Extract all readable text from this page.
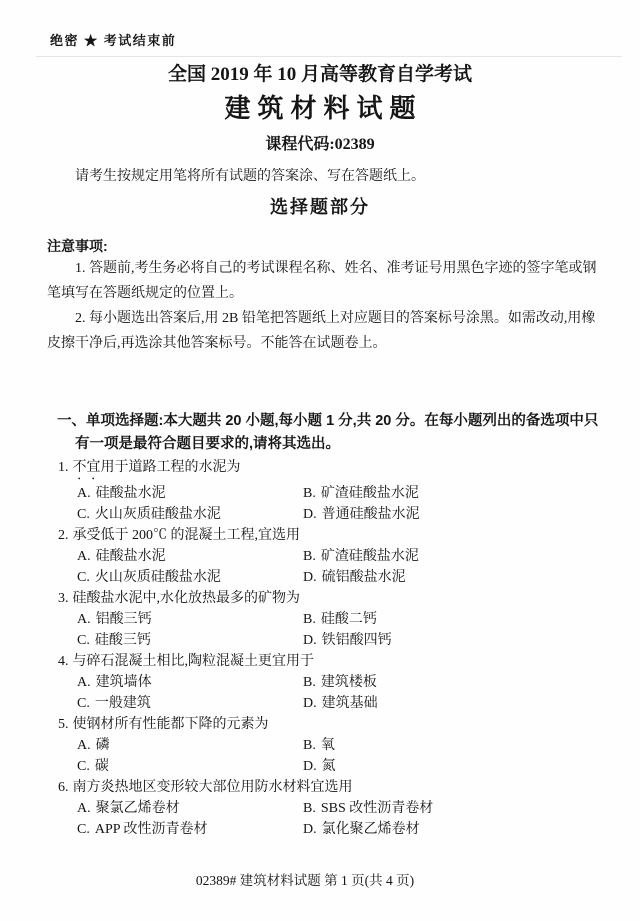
绝密 ★ 考试结束前
全国 2019 年 10 月高等教育自学考试
建筑材料试题
课程代码:02389

请考生按规定用笔将所有试题的答案涂、写在答题纸上。

选择题部分
注意事项:

1. 答题前,考生务必将自己的考试课程名称、姓名、准考证号用黑色字迹的签字笔或钢笔填写在答题纸规定的位置上。

2. 每小题选出答案后,用 2B 铅笔把答题纸上对应题目的答案标号涂黑。如需改动,用橡皮擦干净后,再选涂其他答案标号。不能答在试题卷上。

一、单项选择题:本大题共 20 小题,每小题 1 分,共 20 分。在每小题列出的备选项中只有一项是最符合题目要求的,请将其选出。
1. 不宜用于道路工程的水泥为
A. 硅酸盐水泥	B. 矿渣硅酸盐水泥
C. 火山灰质硅酸盐水泥	D. 普通硅酸盐水泥
2. 承受低于 200℃ 的混凝土工程,宜选用
A. 硅酸盐水泥	B. 矿渣硅酸盐水泥
C. 火山灰质硅酸盐水泥	D. 硫铝酸盐水泥
3. 硅酸盐水泥中,水化放热最多的矿物为
A. 铝酸三钙	B. 硅酸二钙
C. 硅酸三钙	D. 铁铝酸四钙
4. 与碎石混凝土相比,陶粒混凝土更宜用于
A. 建筑墙体	B. 建筑楼板
C. 一般建筑	D. 建筑基础
5. 使钢材所有性能都下降的元素为
A. 磷	B. 氧
C. 碳	D. 氮
6. 南方炎热地区变形较大部位用防水材料宜选用
A. 聚氯乙烯卷材	B. SBS 改性沥青卷材
C. APP 改性沥青卷材	D. 氯化聚乙烯卷材
02389# 建筑材料试题 第 1 页(共 4 页)
